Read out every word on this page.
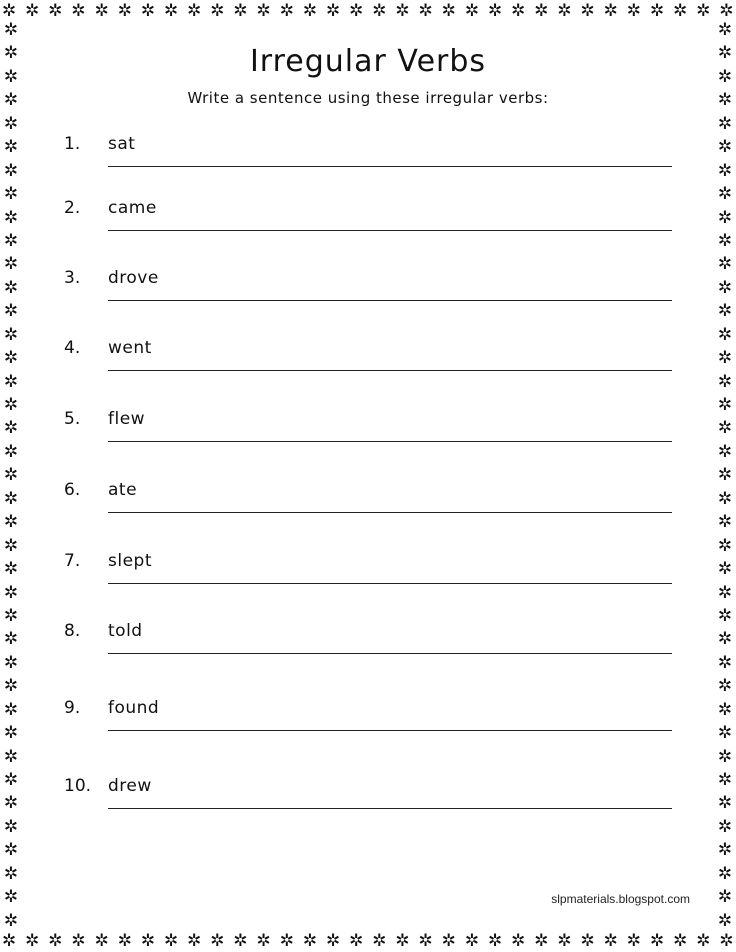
✲ ✲ ✲ ✲ ✲ ✲ ✲ ✲ ✲ ✲ ✲ ✲ ✲ ✲ ✲ ✲ ✲ ✲ ✲ ✲ ✲ ✲ ✲ ✲ ✲ ✲ ✲ ✲ ✲ ✲ ✲ ✲
✲ ✲ ✲ ✲ ✲ ✲ ✲ ✲ ✲ ✲ ✲ ✲ ✲ ✲ ✲ ✲ ✲ ✲ ✲ ✲ ✲ ✲ ✲ ✲ ✲ ✲ ✲ ✲ ✲ ✲ ✲ ✲
✲
✲
✲
✲
✲
✲
✲
✲
✲
✲
✲
✲
✲
✲
✲
✲
✲
✲
✲
✲
✲
✲
✲
✲
✲
✲
✲
✲
✲
✲
✲
✲
✲
✲
✲
✲
✲
✲
✲
✲
✲
✲
✲
✲
✲
✲
✲
✲
✲
✲
✲
✲
✲
✲
✲
✲
✲
✲
✲
✲
✲
✲
✲
✲
✲
✲
✲
✲
✲
✲
✲
✲
✲
✲
✲
✲
✲
✲
Irregular Verbs
Write a sentence using these irregular verbs:
1. sat
2. came
3. drove
4. went
5. flew
6. ate
7. slept
8. told
9. found
10. drew
slpmaterials.blogspot.com
